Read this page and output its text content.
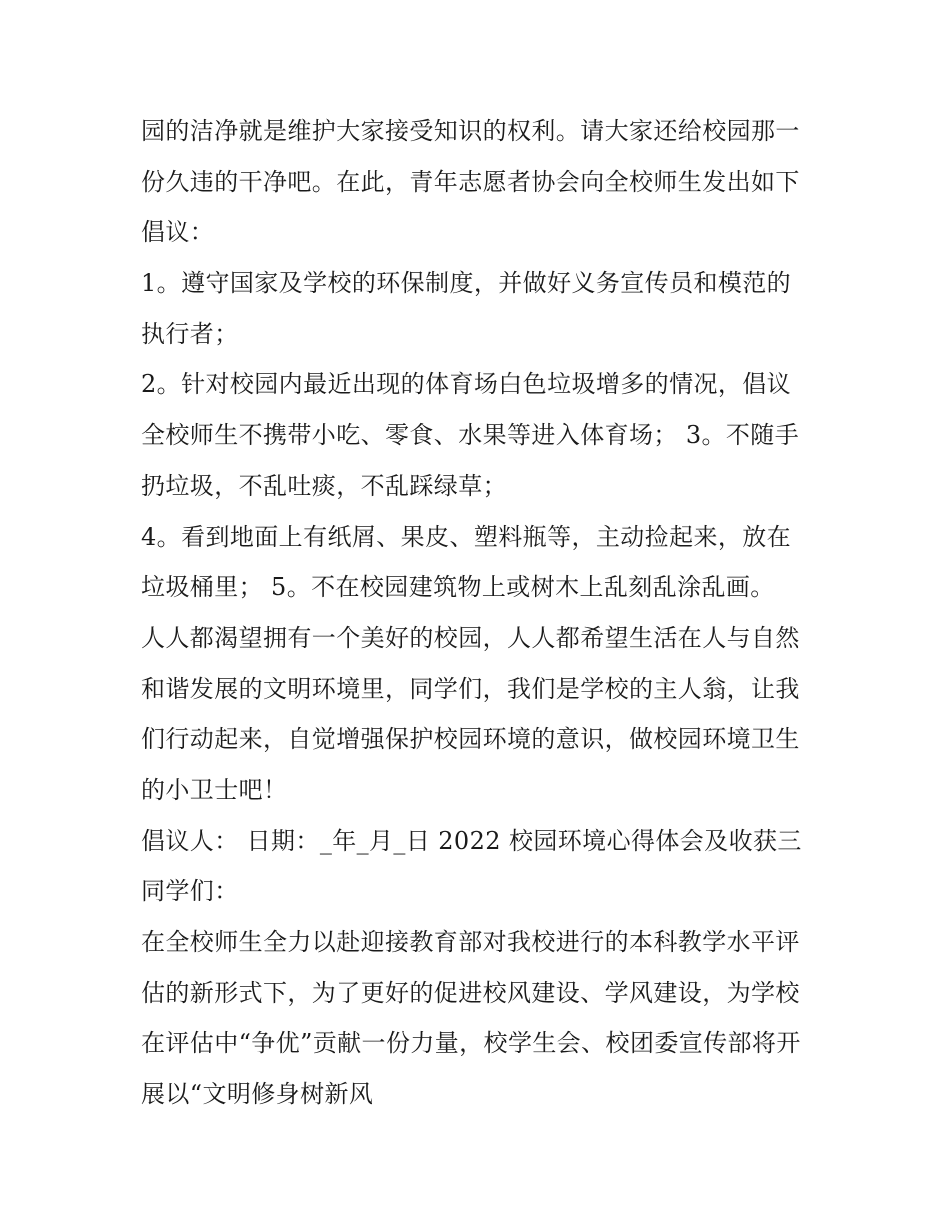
园的洁净就是维护大家接受知识的权利。请大家还给校园那一
份久违的干净吧。在此，青年志愿者协会向全校师生发出如下
倡议：
1。遵守国家及学校的环保制度，并做好义务宣传员和模范的
执行者；
2。针对校园内最近出现的体育场白色垃圾增多的情况，倡议
全校师生不携带小吃、零食、水果等进入体育场； 3。不随手
扔垃圾，不乱吐痰，不乱踩绿草；
4。看到地面上有纸屑、果皮、塑料瓶等，主动捡起来，放在
垃圾桶里； 5。不在校园建筑物上或树木上乱刻乱涂乱画。
人人都渴望拥有一个美好的校园，人人都希望生活在人与自然
和谐发展的文明环境里，同学们，我们是学校的主人翁，让我
们行动起来，自觉增强保护校园环境的意识，做校园环境卫生
的小卫士吧！
倡议人： 日期：_年_月_日 2022 校园环境心得体会及收获三
同学们：
在全校师生全力以赴迎接教育部对我校进行的本科教学水平评
估的新形式下，为了更好的促进校风建设、学风建设，为学校
在评估中“争优”贡献一份力量，校学生会、校团委宣传部将开
展以“文明修身树新风
